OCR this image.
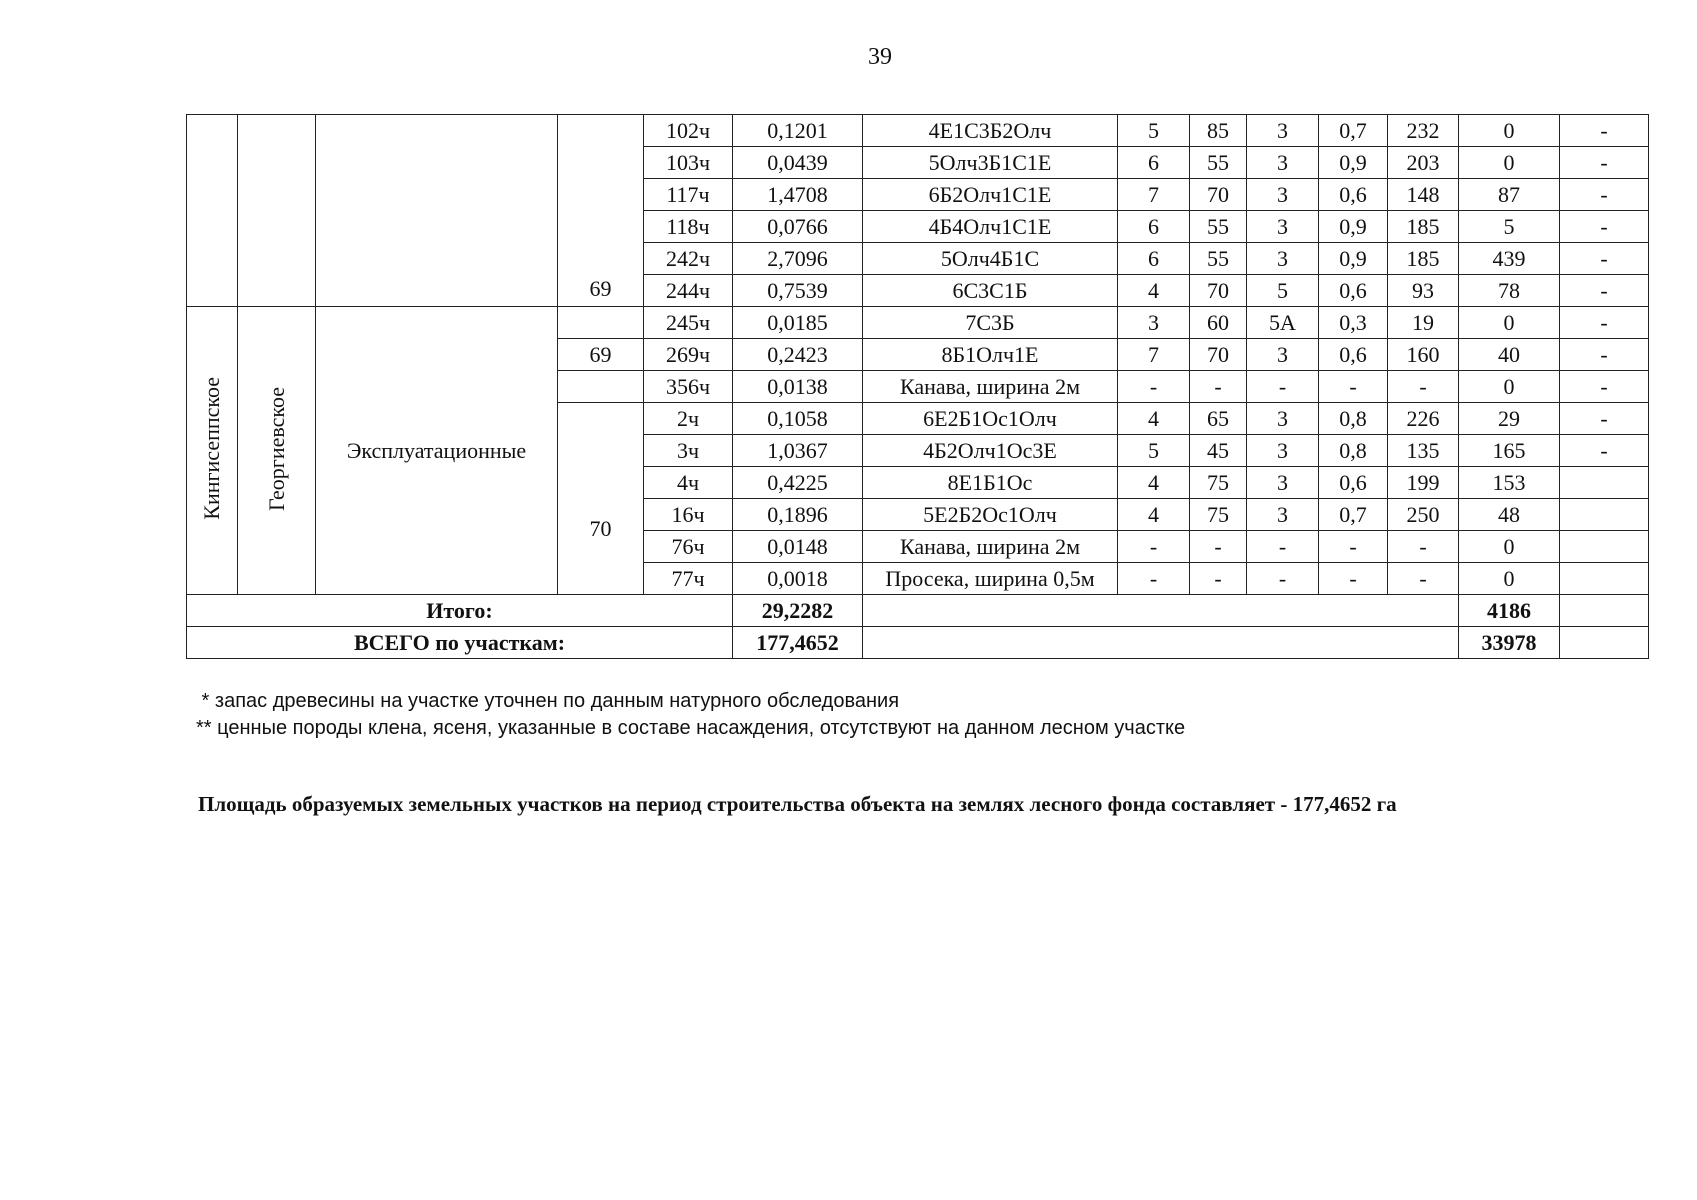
39

			69	102ч	0,1201	4Е1С3Б2Олч	5	85	3	0,7	232	0	-
				103ч	0,0439	5Олч3Б1С1Е	6	55	3	0,9	203	0	-
				117ч	1,4708	6Б2Олч1С1Е	7	70	3	0,6	148	87	-
				118ч	0,0766	4Б4Олч1С1Е	6	55	3	0,9	185	5	-
				242ч	2,7096	5Олч4Б1С	6	55	3	0,9	185	439	-
				244ч	0,7539	6С3С1Б	4	70	5	0,6	93	78	-
Кингисеппское	Георгиевское	Эксплуатационные		245ч	0,0185	7С3Б	3	60	5А	0,3	19	0	-
			69	269ч	0,2423	8Б1Олч1Е	7	70	3	0,6	160	40	-
				356ч	0,0138	Канава, ширина 2м	-	-	-	-	-	0	-
			70	2ч	0,1058	6Е2Б1Ос1Олч	4	65	3	0,8	226	29	-
				3ч	1,0367	4Б2Олч1Ос3Е	5	45	3	0,8	135	165	-
				4ч	0,4225	8Е1Б1Ос	4	75	3	0,6	199	153	
				16ч	0,1896	5Е2Б2Ос1Олч	4	75	3	0,7	250	48	
				76ч	0,0148	Канава, ширина 2м	-	-	-	-	-	0	
				77ч	0,0018	Просека, ширина 0,5м	-	-	-	-	-	0	
Итого:					29,2282							4186	
ВСЕГО по участкам:					177,4652							33978	
* запас древесины на участке уточнен по данным натурного обследования
** ценные породы клена, ясеня, указанные в составе насаждения, отсутствуют на данном лесном участке
Площадь образуемых земельных участков на период строительства объекта на землях лесного фонда составляет - 177,4652 га
